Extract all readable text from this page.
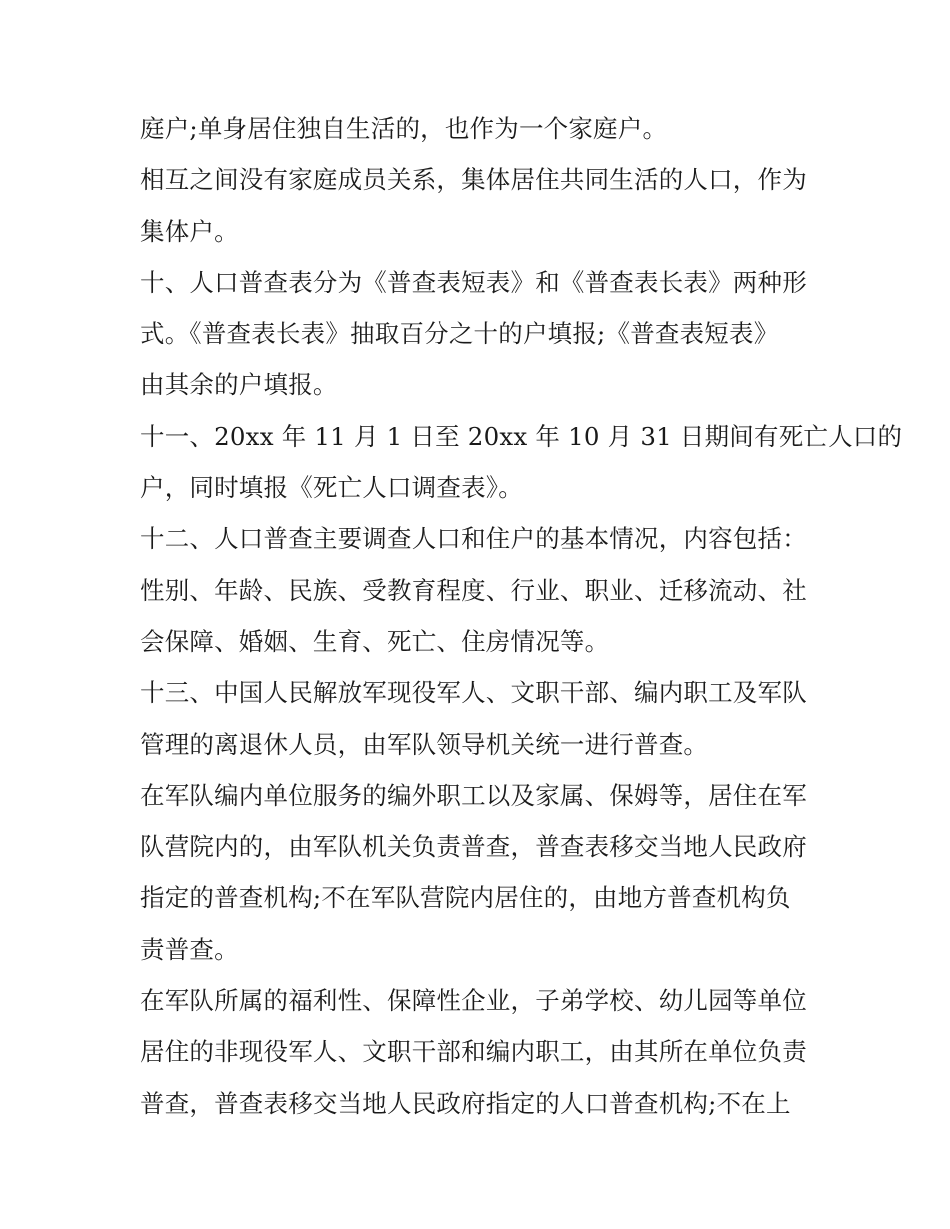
庭户;单身居住独自生活的，也作为一个家庭户。
相互之间没有家庭成员关系，集体居住共同生活的人口，作为
集体户。
十、人口普查表分为《普查表短表》和《普查表长表》两种形
式。《普查表长表》抽取百分之十的户填报;《普查表短表》
由其余的户填报。
十一、20xx 年 11 月 1 日至 20xx 年 10 月 31 日期间有死亡人口的
户，同时填报《死亡人口调查表》。
十二、人口普查主要调查人口和住户的基本情况，内容包括：
性别、年龄、民族、受教育程度、行业、职业、迁移流动、社
会保障、婚姻、生育、死亡、住房情况等。
十三、中国人民解放军现役军人、文职干部、编内职工及军队
管理的离退休人员，由军队领导机关统一进行普查。
在军队编内单位服务的编外职工以及家属、保姆等，居住在军
队营院内的，由军队机关负责普查，普查表移交当地人民政府
指定的普查机构;不在军队营院内居住的，由地方普查机构负
责普查。
在军队所属的福利性、保障性企业，子弟学校、幼儿园等单位
居住的非现役军人、文职干部和编内职工，由其所在单位负责
普查，普查表移交当地人民政府指定的人口普查机构;不在上
